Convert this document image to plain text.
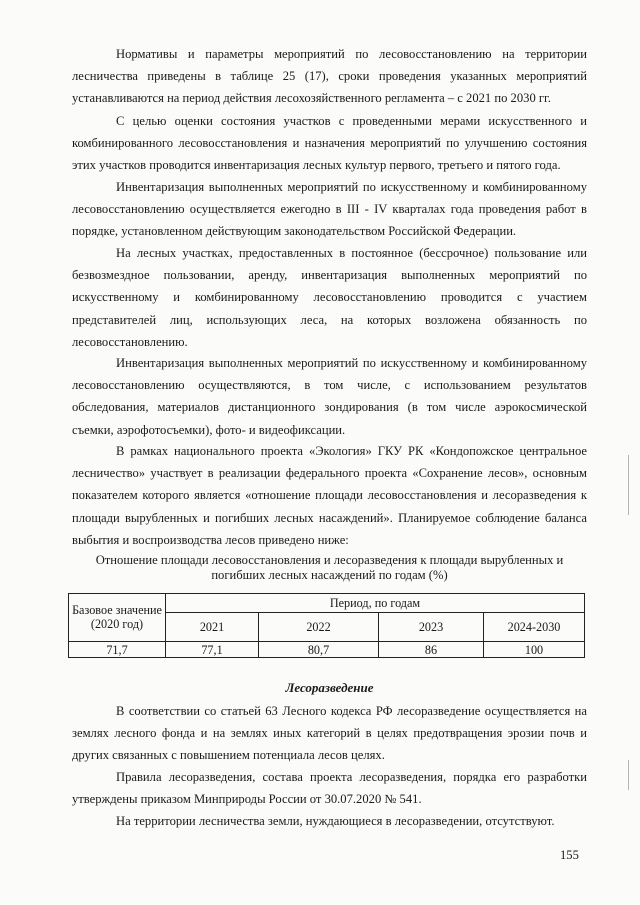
Нормативы и параметры мероприятий по лесовосстановлению на территории лесничества приведены в таблице 25 (17), сроки проведения указанных мероприятий устанавливаются на период действия лесохозяйственного регламента – с 2021 по 2030 гг.

С целью оценки состояния участков с проведенными мерами искусственного и комбинированного лесовосстановления и назначения мероприятий по улучшению состояния этих участков проводится инвентаризация лесных культур первого, третьего и пятого года.

Инвентаризация выполненных мероприятий по искусственному и комбинированному лесовосстановлению осуществляется ежегодно в III - IV кварталах года проведения работ в порядке, установленном действующим законодательством Российской Федерации.

На лесных участках, предоставленных в постоянное (бессрочное) пользование или безвозмездное пользовании, аренду, инвентаризация выполненных мероприятий по искусственному и комбинированному лесовосстановлению проводится с участием представителей лиц, использующих леса, на которых возложена обязанность по лесовосстановлению.

Инвентаризация выполненных мероприятий по искусственному и комбинированному лесовосстановлению осуществляются, в том числе, с использованием результатов обследования, материалов дистанционного зондирования (в том числе аэрокосмической съемки, аэрофотосъемки), фото- и видеофиксации.

В рамках национального проекта «Экология» ГКУ РК «Кондопожское центральное лесничество» участвует в реализации федерального проекта «Сохранение лесов», основным показателем которого является «отношение площади лесовосстановления и лесоразведения к площади вырубленных и погибших лесных насаждений». Планируемое соблюдение баланса выбытия и воспроизводства лесов приведено ниже:

Отношение площади лесовосстановления и лесоразведения к площади вырубленных и погибших лесных насаждений по годам (%)

Базовое значение (2020 год)	Период, по годам			
	2021	2022	2023	2024-2030
71,7	77,1	80,7	86	100

Лесоразведение

В соответствии со статьей 63 Лесного кодекса РФ лесоразведение осуществляется на землях лесного фонда и на землях иных категорий в целях предотвращения эрозии почв и других связанных с повышением потенциала лесов целях.

Правила лесоразведения, состава проекта лесоразведения, порядка его разработки утверждены приказом Минприроды России от 30.07.2020 № 541.

На территории лесничества земли, нуждающиеся в лесоразведении, отсутствуют.

155
